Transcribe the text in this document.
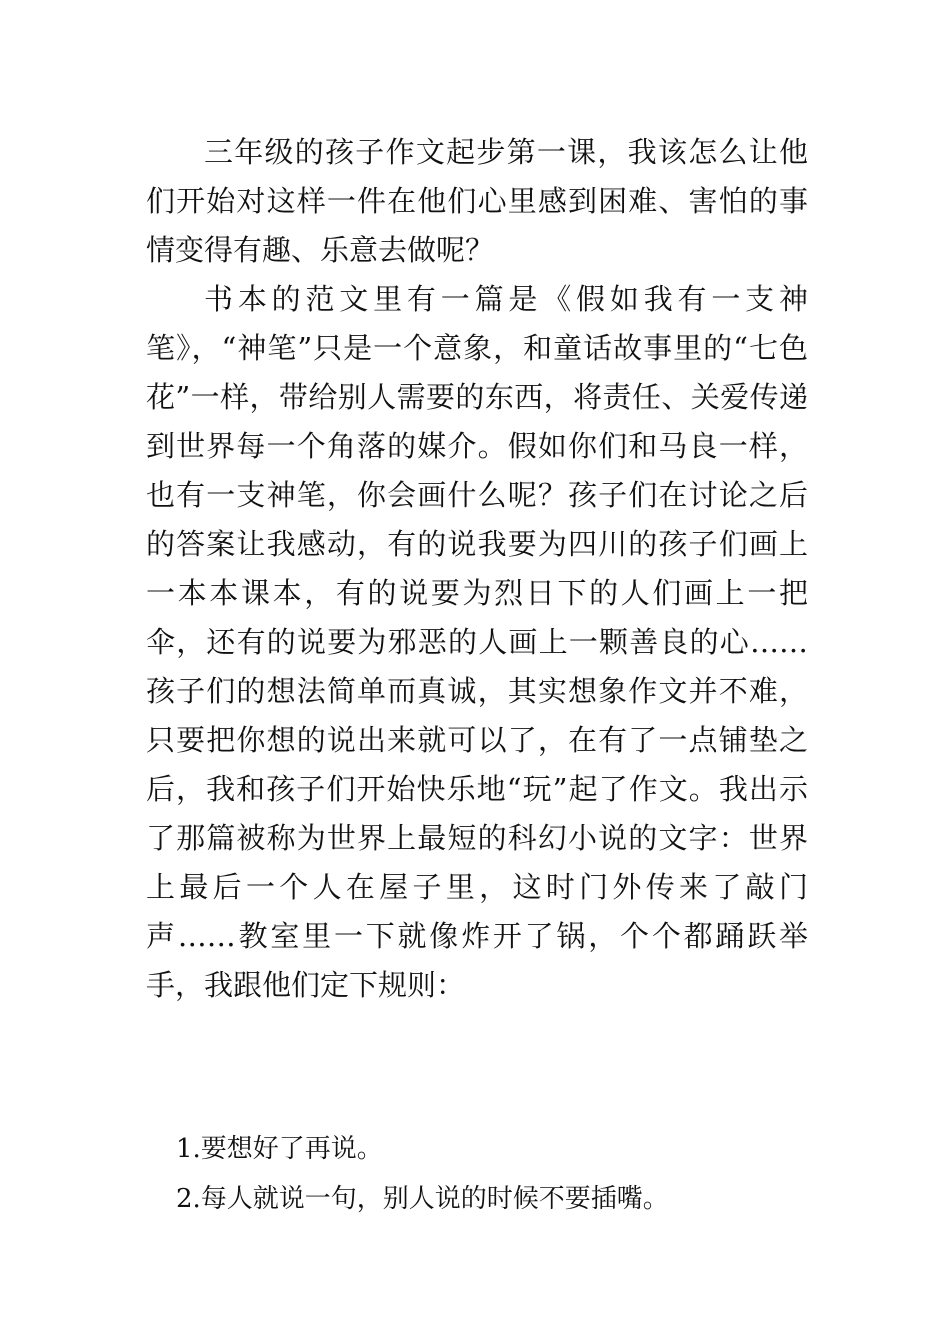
三年级的孩子作文起步第一课，我该怎么让他们开始对这样一件在他们心里感到困难、害怕的事情变得有趣、乐意去做呢？

书本的范文里有一篇是《假如我有一支神笔》，“神笔”只是一个意象，和童话故事里的“七色花”一样，带给别人需要的东西，将责任、关爱传递到世界每一个角落的媒介。假如你们和马良一样，也有一支神笔，你会画什么呢？孩子们在讨论之后的答案让我感动，有的说我要为四川的孩子们画上一本本课本，有的说要为烈日下的人们画上一把伞，还有的说要为邪恶的人画上一颗善良的心……孩子们的想法简单而真诚，其实想象作文并不难，只要把你想的说出来就可以了，在有了一点铺垫之后，我和孩子们开始快乐地“玩”起了作文。我出示了那篇被称为世界上最短的科幻小说的文字：世界上最后一个人在屋子里，这时门外传来了敲门声……教室里一下就像炸开了锅，个个都踊跃举手，我跟他们定下规则：

1.要想好了再说。
2.每人就说一句，别人说的时候不要插嘴。
